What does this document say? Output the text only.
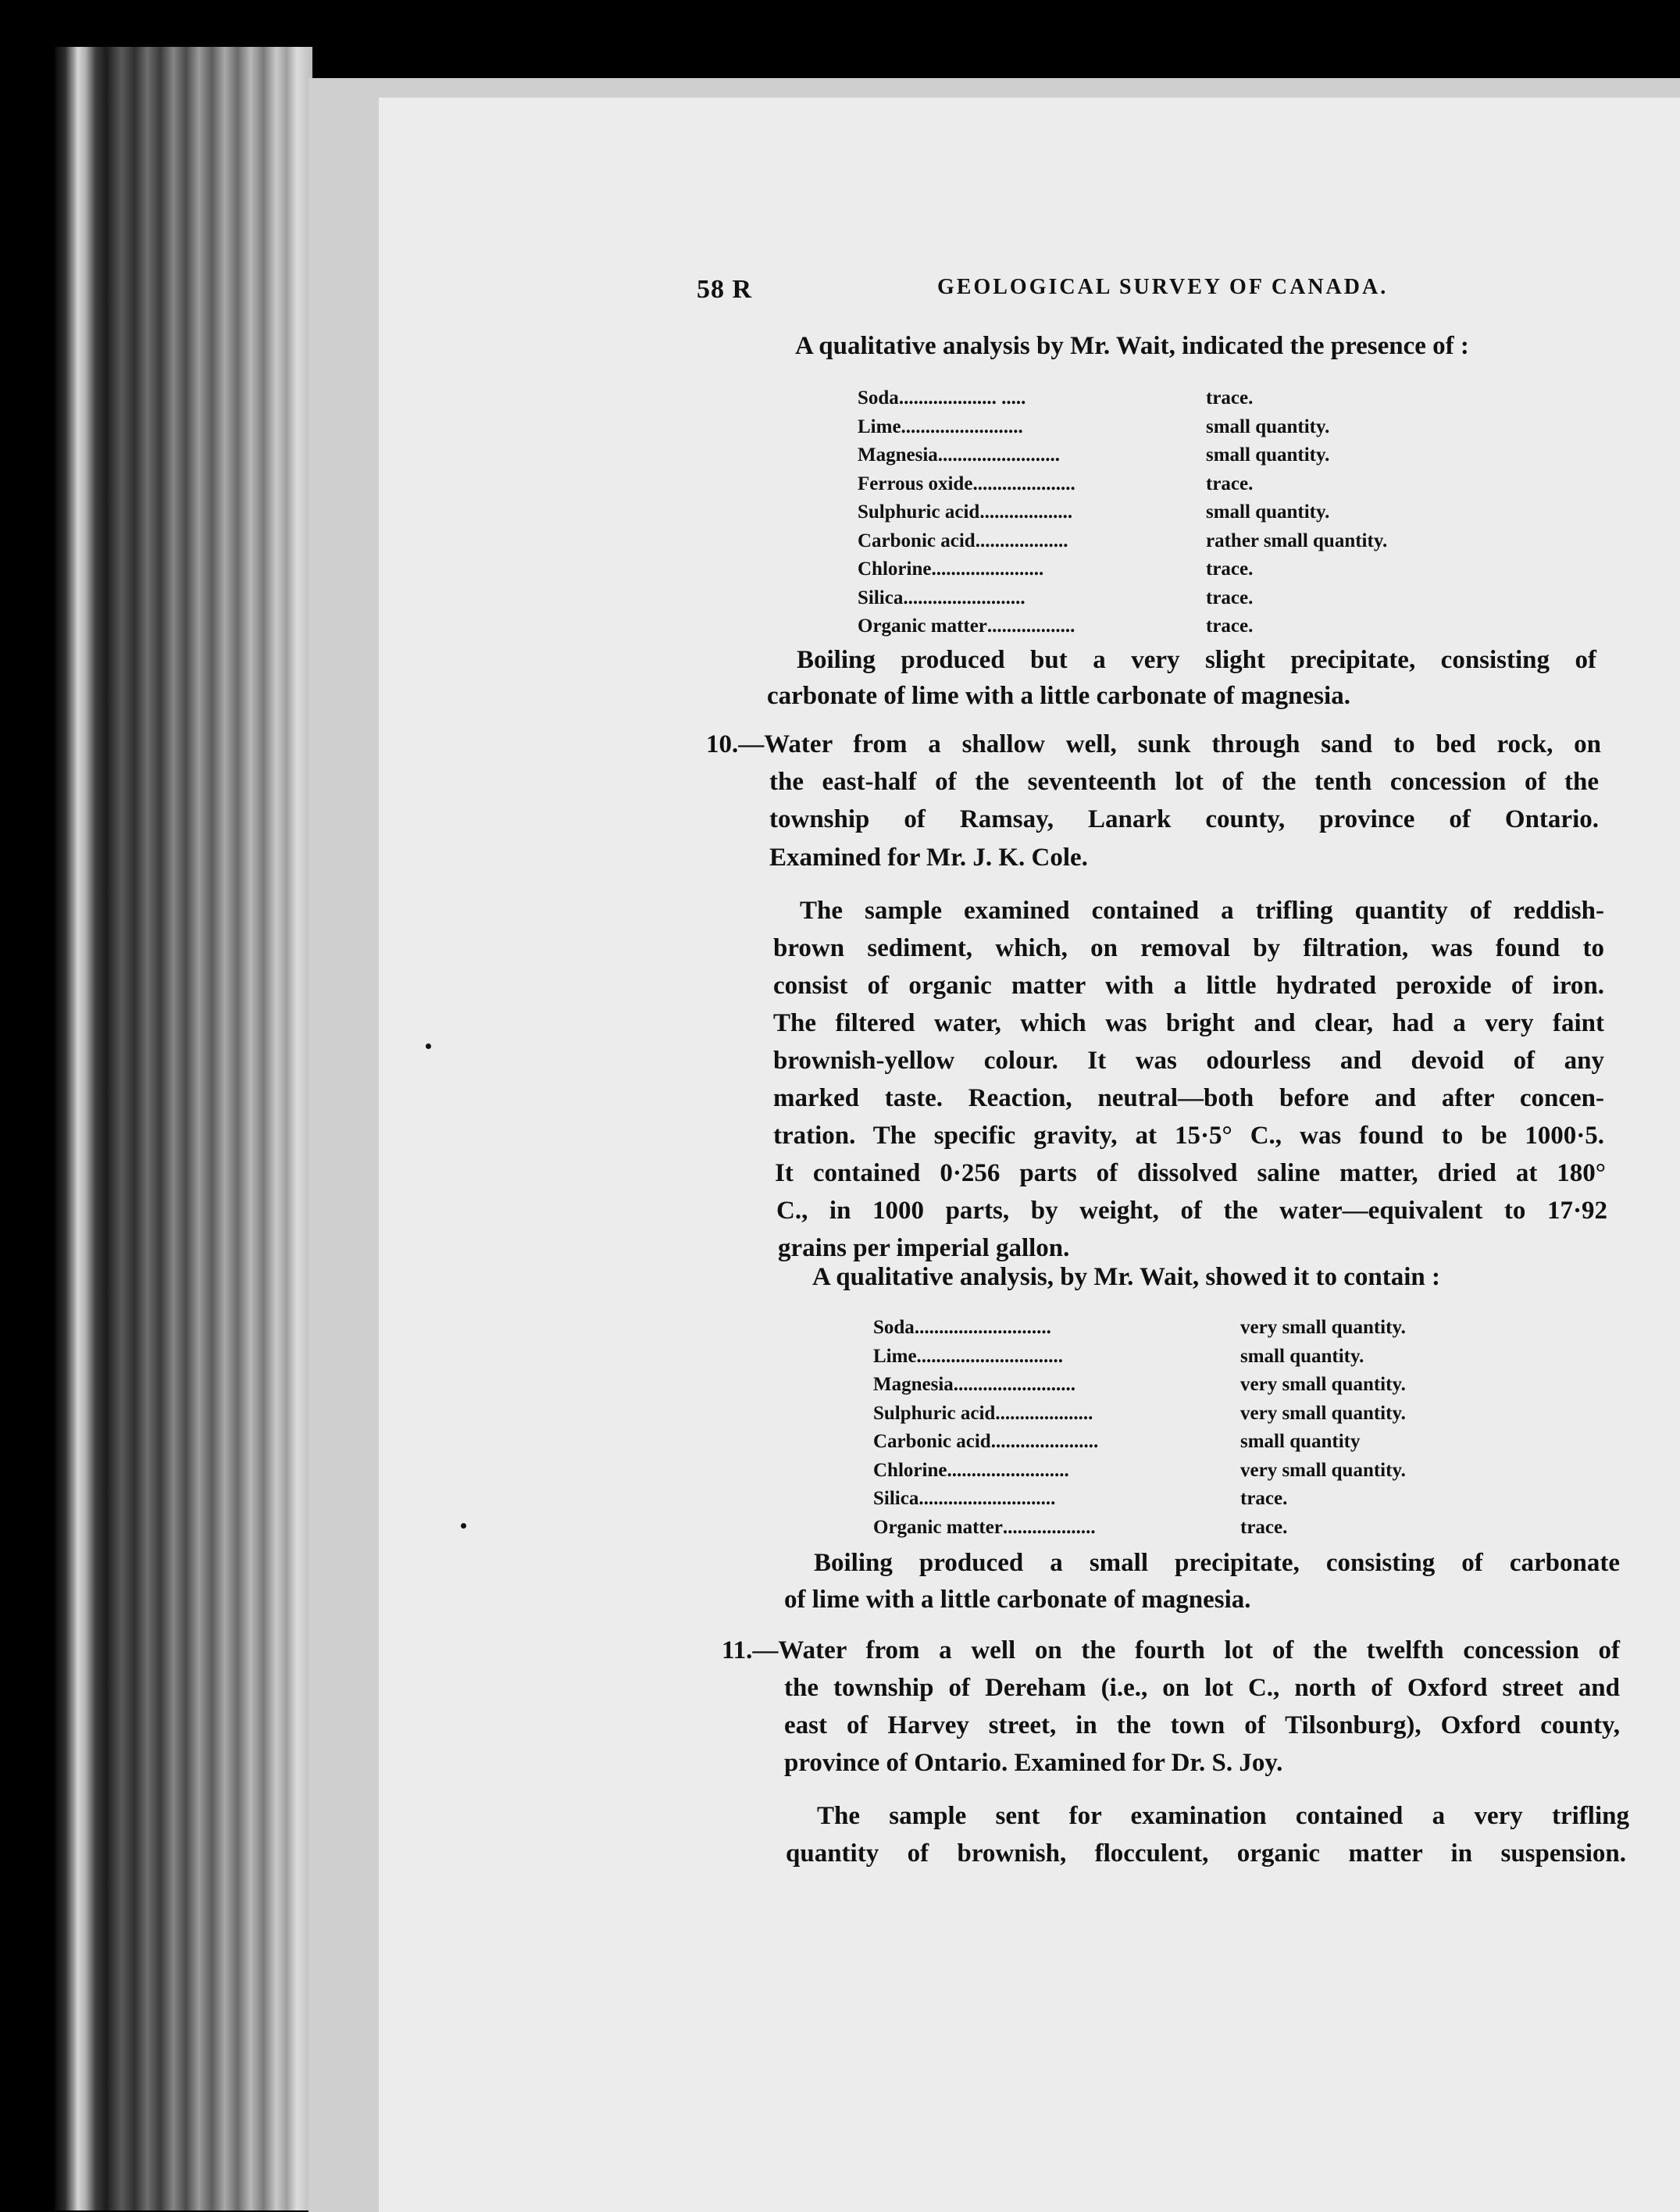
58 R	GEOLOGICAL SURVEY OF CANADA.
A qualitative analysis by Mr. Wait, indicated the presence of :
Soda.................... .....	trace.
Lime.........................	small quantity.
Magnesia.........................	small quantity.
Ferrous oxide.....................	trace.
Sulphuric acid...................	small quantity.
Carbonic acid...................	rather small quantity.
Chlorine.......................	trace.
Silica.........................	trace.
Organic matter..................	trace.
Boiling produced but a very slight precipitate, consisting of
carbonate of lime with a little carbonate of magnesia.
A qualitative analysis, by Mr. Wait, showed it to contain :
Soda............................	very small quantity.
Lime..............................	small quantity.
Magnesia.........................	very small quantity.
Sulphuric acid....................	very small quantity.
Carbonic acid......................	small quantity
Chlorine.........................	very small quantity.
Silica............................	trace.
Organic matter...................	trace.
Boiling produced a small precipitate, consisting of carbonate
of lime with a little carbonate of magnesia.
10.—Water from a shallow well, sunk through sand to bed rock, on
the east-half of the seventeenth lot of the tenth concession of the
township of Ramsay, Lanark county, province of Ontario.
Examined for Mr. J. K. Cole.
The sample examined contained a trifling quantity of reddish-
brown sediment, which, on removal by filtration, was found to
consist of organic matter with a little hydrated peroxide of iron.
The filtered water, which was bright and clear, had a very faint
brownish-yellow colour. It was odourless and devoid of any
marked taste. Reaction, neutral—both before and after concen-
tration. The specific gravity, at 15·5° C., was found to be 1000·5.
It contained 0·256 parts of dissolved saline matter, dried at 180°
C., in 1000 parts, by weight, of the water—equivalent to 17·92
grains per imperial gallon.
11.—Water from a well on the fourth lot of the twelfth concession of
the township of Dereham (i.e., on lot C., north of Oxford street and
east of Harvey street, in the town of Tilsonburg), Oxford county,
province of Ontario. Examined for Dr. S. Joy.
The sample sent for examination contained a very trifling
quantity of brownish, flocculent, organic matter in suspension.
